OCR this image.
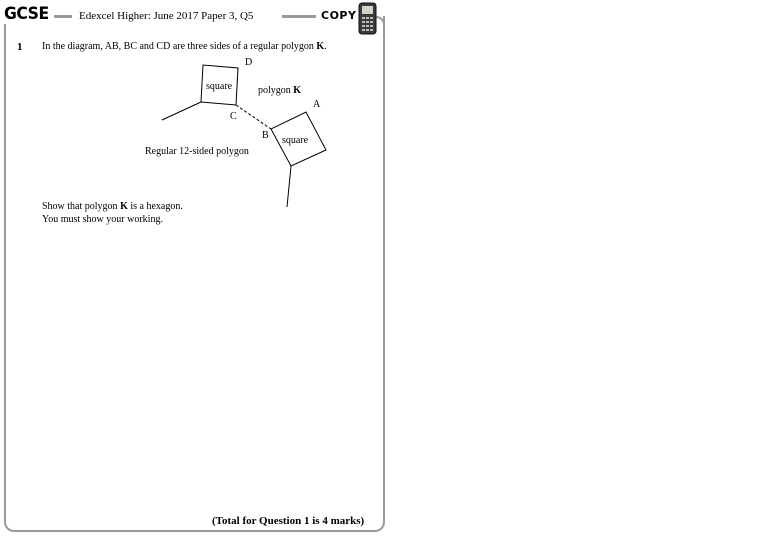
GCSE	Edexcel Higher: June 2017 Paper 3, Q5	COPY
1 In the diagram, AB, BC and CD are three sides of a regular polygon K.
D
A
B
C
square
square
polygon K
Regular 12-sided polygon
Show that polygon K is a hexagon.
You must show your working.
(Total for Question 1 is 4 marks)
